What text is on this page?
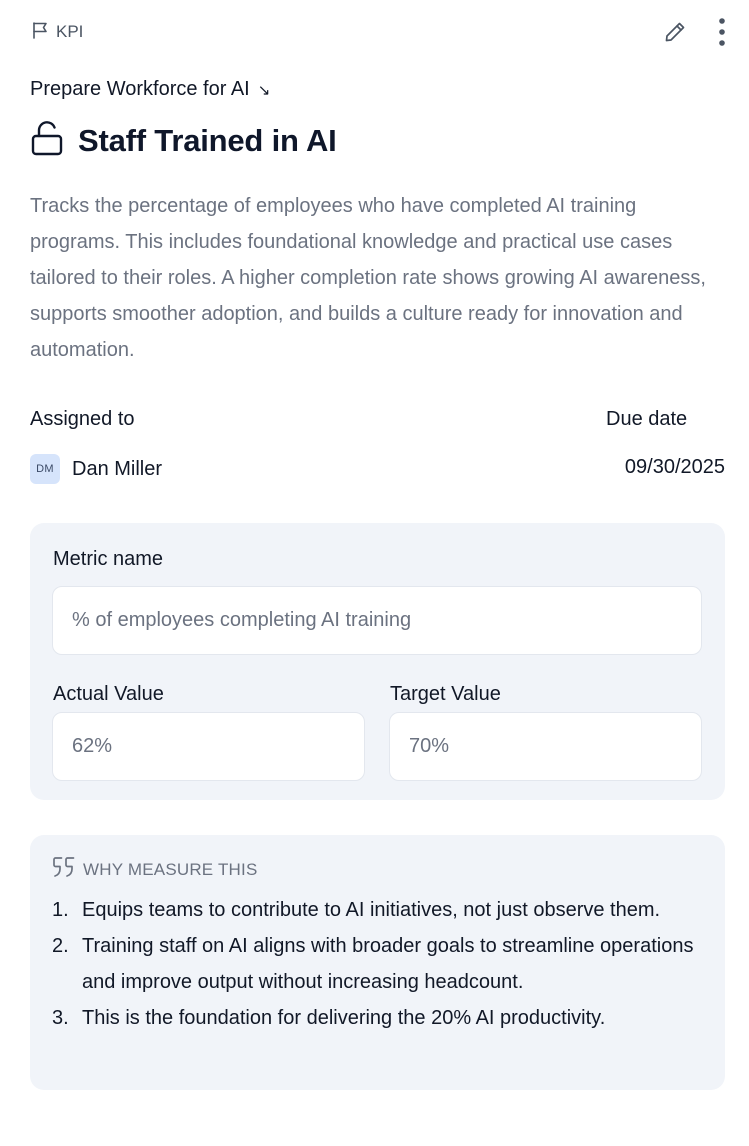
KPI
Prepare Workforce for AI ↘
Staff Trained in AI

Tracks the percentage of employees who have completed AI training programs. This includes foundational knowledge and practical use cases tailored to their roles. A higher completion rate shows growing AI awareness, supports smoother adoption, and builds a culture ready for innovation and automation.

Assigned to	Due date
DM Dan Miller	09/30/2025
Metric name
% of employees completing AI training
Actual Value
62%
Target Value
70%
WHY MEASURE THIS
1. Equips teams to contribute to AI initiatives, not just observe them.
2. Training staff on AI aligns with broader goals to streamline operations and improve output without increasing headcount.
3. This is the foundation for delivering the 20% AI productivity.
